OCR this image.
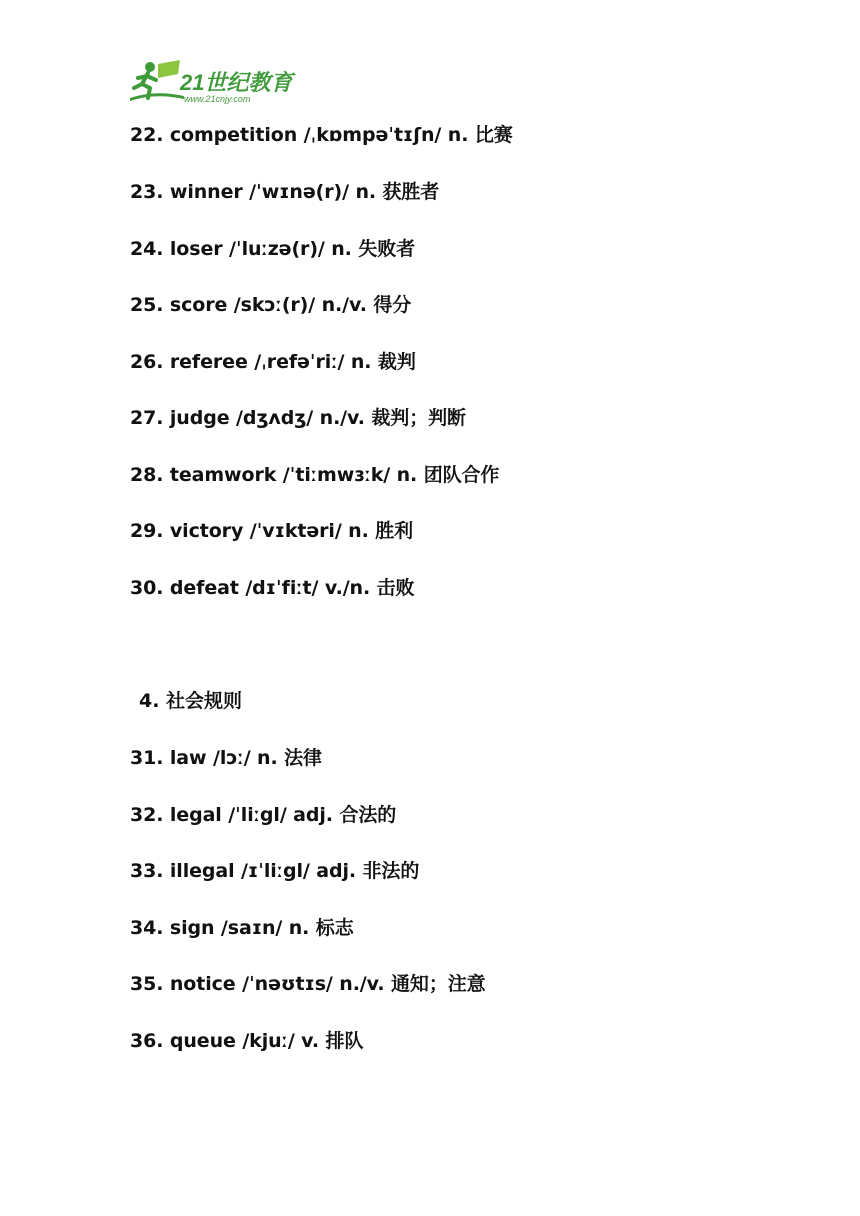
21世纪教育
www.21cnjy.com
22. competition /ˌkɒmpəˈtɪʃn/ n. 比赛
23. winner /ˈwɪnə(r)/ n. 获胜者
24. loser /ˈluːzə(r)/ n. 失败者
25. score /skɔː(r)/ n./v. 得分
26. referee /ˌrefəˈriː/ n. 裁判
27. judge /dʒʌdʒ/ n./v. 裁判；判断
28. teamwork /ˈtiːmwɜːk/ n. 团队合作
29. victory /ˈvɪktəri/ n. 胜利
30. defeat /dɪˈfiːt/ v./n. 击败
4. 社会规则
31. law /lɔː/ n. 法律
32. legal /ˈliːgl/ adj. 合法的
33. illegal /ɪˈliːgl/ adj. 非法的
34. sign /saɪn/ n. 标志
35. notice /ˈnəʊtɪs/ n./v. 通知；注意
36. queue /kjuː/ v. 排队
